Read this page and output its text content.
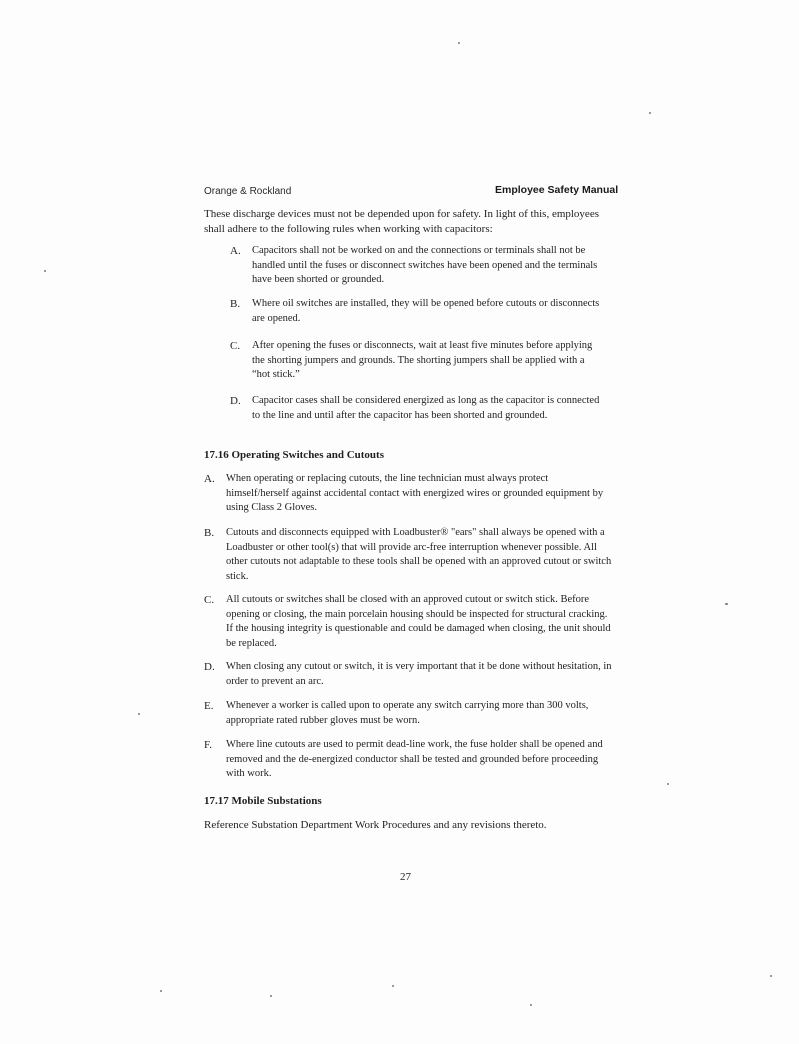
Orange & Rockland	Employee Safety Manual
These discharge devices must not be depended upon for safety. In light of this, employees shall adhere to the following rules when working with capacitors:
A. Capacitors shall not be worked on and the connections or terminals shall not be handled until the fuses or disconnect switches have been opened and the terminals have been shorted or grounded.
B. Where oil switches are installed, they will be opened before cutouts or disconnects are opened.
C. After opening the fuses or disconnects, wait at least five minutes before applying the shorting jumpers and grounds. The shorting jumpers shall be applied with a “hot stick.”
D. Capacitor cases shall be considered energized as long as the capacitor is connected to the line and until after the capacitor has been shorted and grounded.
17.16 Operating Switches and Cutouts
A. When operating or replacing cutouts, the line technician must always protect himself/herself against accidental contact with energized wires or grounded equipment by using Class 2 Gloves.
B. Cutouts and disconnects equipped with Loadbuster® "ears" shall always be opened with a Loadbuster or other tool(s) that will provide arc-free interruption whenever possible. All other cutouts not adaptable to these tools shall be opened with an approved cutout or switch stick.
C. All cutouts or switches shall be closed with an approved cutout or switch stick. Before opening or closing, the main porcelain housing should be inspected for structural cracking. If the housing integrity is questionable and could be damaged when closing, the unit should be replaced.
D. When closing any cutout or switch, it is very important that it be done without hesitation, in order to prevent an arc.
E. Whenever a worker is called upon to operate any switch carrying more than 300 volts, appropriate rated rubber gloves must be worn.
F. Where line cutouts are used to permit dead-line work, the fuse holder shall be opened and removed and the de-energized conductor shall be tested and grounded before proceeding with work.
17.17 Mobile Substations
Reference Substation Department Work Procedures and any revisions thereto.
27
